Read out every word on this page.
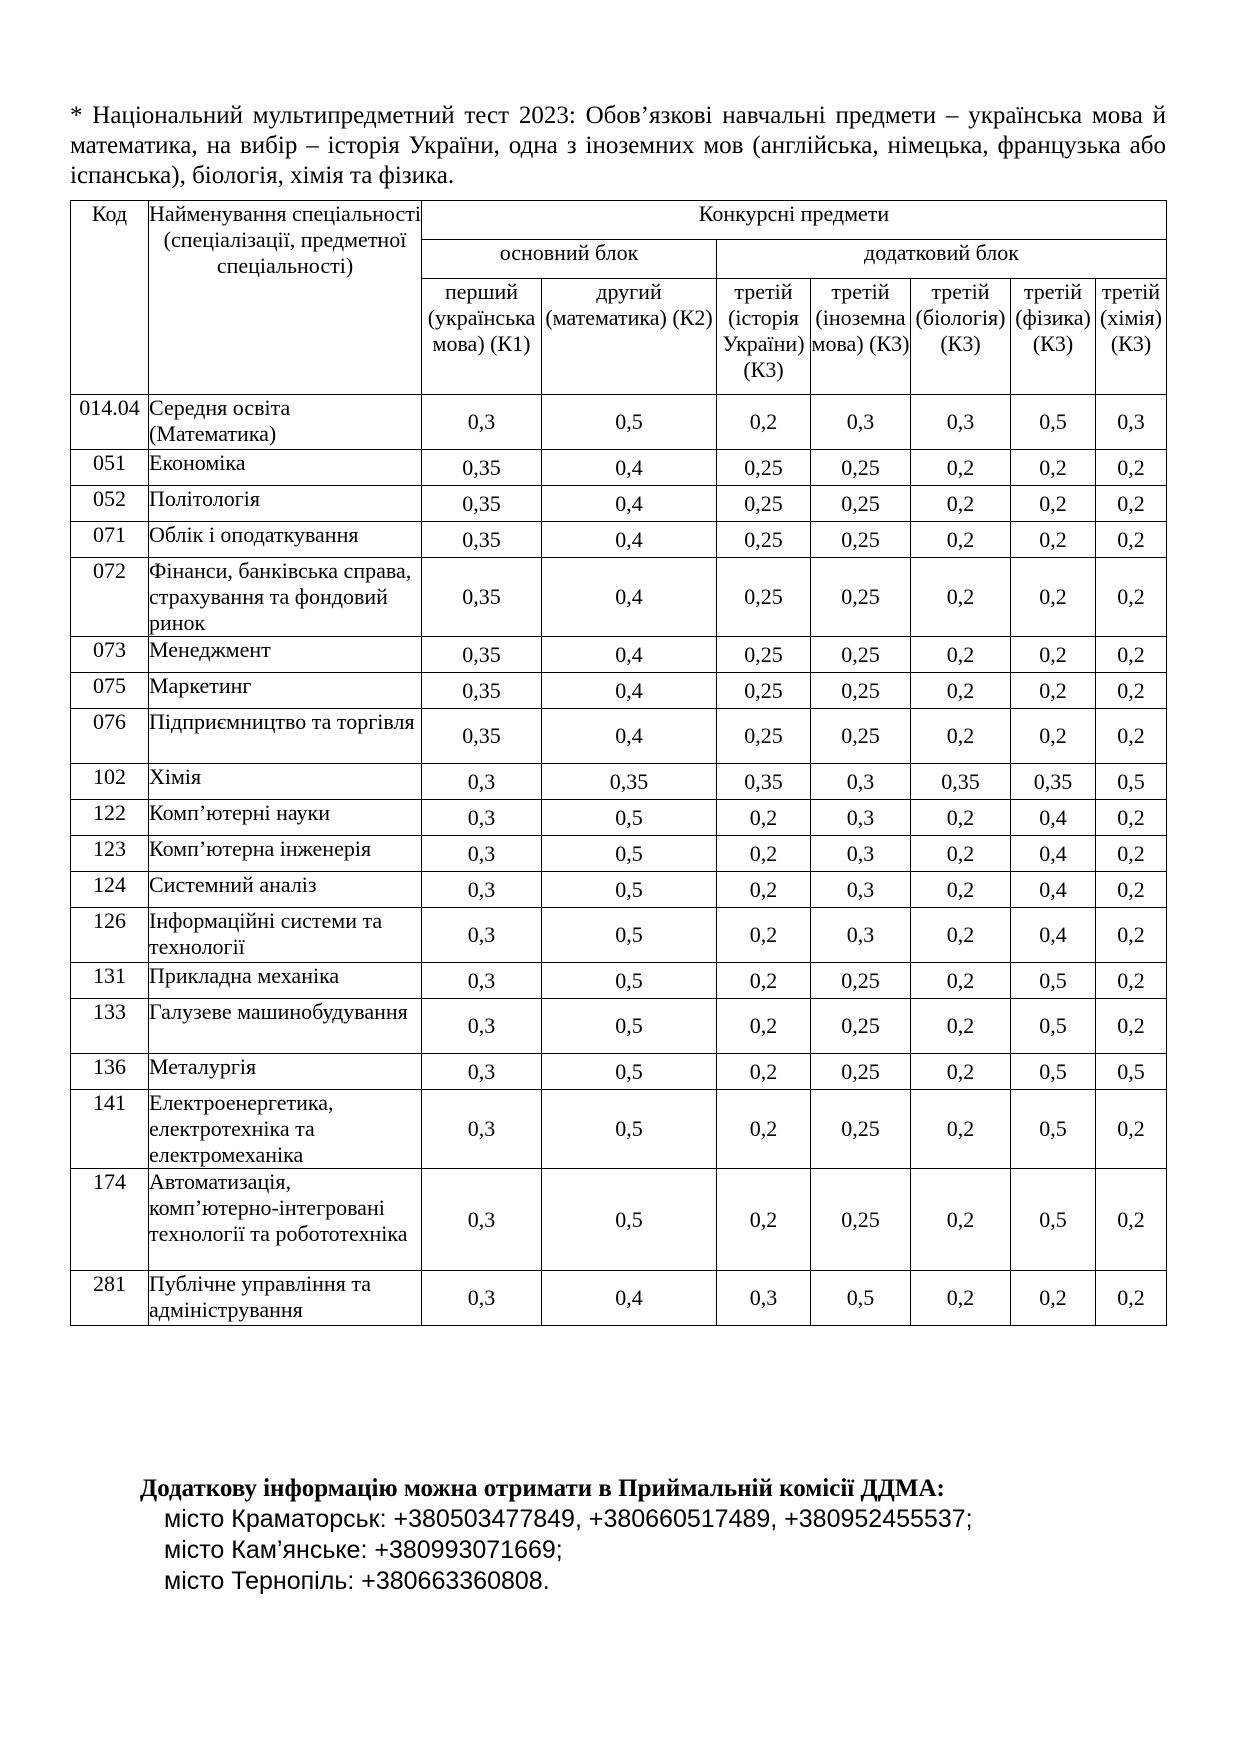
* Національний мультипредметний тест 2023: Обов’язкові навчальні предмети – українська мова й математика, на вибір – історія України, одна з іноземних мов (англійська, німецька, французька або іспанська), біологія, хімія та фізика.
Код	Найменування спеціальності (спеціалізації, предметної спеціальності)	Конкурсні предмети						
		основний блок		додатковий блок				
		перший (українська мова) (К1)	другий (математика) (К2)	третій (історія України) (К3)	третій (іноземна мова) (К3)	третій (біологія) (К3)	третій (фізика) (К3)	третій (хімія) (К3)
014.04	Середня освіта (Математика)	0,3	0,5	0,2	0,3	0,3	0,5	0,3
051	Економіка	0,35	0,4	0,25	0,25	0,2	0,2	0,2
052	Політологія	0,35	0,4	0,25	0,25	0,2	0,2	0,2
071	Облік і оподаткування	0,35	0,4	0,25	0,25	0,2	0,2	0,2
072	Фінанси, банківська справа, страхування та фондовий ринок	0,35	0,4	0,25	0,25	0,2	0,2	0,2
073	Менеджмент	0,35	0,4	0,25	0,25	0,2	0,2	0,2
075	Маркетинг	0,35	0,4	0,25	0,25	0,2	0,2	0,2
076	Підприємництво та торгівля	0,35	0,4	0,25	0,25	0,2	0,2	0,2
102	Хімія	0,3	0,35	0,35	0,3	0,35	0,35	0,5
122	Комп’ютерні науки	0,3	0,5	0,2	0,3	0,2	0,4	0,2
123	Комп’ютерна інженерія	0,3	0,5	0,2	0,3	0,2	0,4	0,2
124	Системний аналіз	0,3	0,5	0,2	0,3	0,2	0,4	0,2
126	Інформаційні системи та технології	0,3	0,5	0,2	0,3	0,2	0,4	0,2
131	Прикладна механіка	0,3	0,5	0,2	0,25	0,2	0,5	0,2
133	Галузеве машинобудування	0,3	0,5	0,2	0,25	0,2	0,5	0,2
136	Металургія	0,3	0,5	0,2	0,25	0,2	0,5	0,5
141	Електроенергетика, електротехніка та електромеханіка	0,3	0,5	0,2	0,25	0,2	0,5	0,2
174	Автоматизація, комп’ютерно-інтегровані технології та робототехніка	0,3	0,5	0,2	0,25	0,2	0,5	0,2
281	Публічне управління та адміністрування	0,3	0,4	0,3	0,5	0,2	0,2	0,2
Додаткову інформацію можна отримати в Приймальній комісії ДДМА:
місто Краматорськ: +380503477849, +380660517489, +380952455537;
місто Кам’янське: +380993071669;
місто Тернопіль: +380663360808.
